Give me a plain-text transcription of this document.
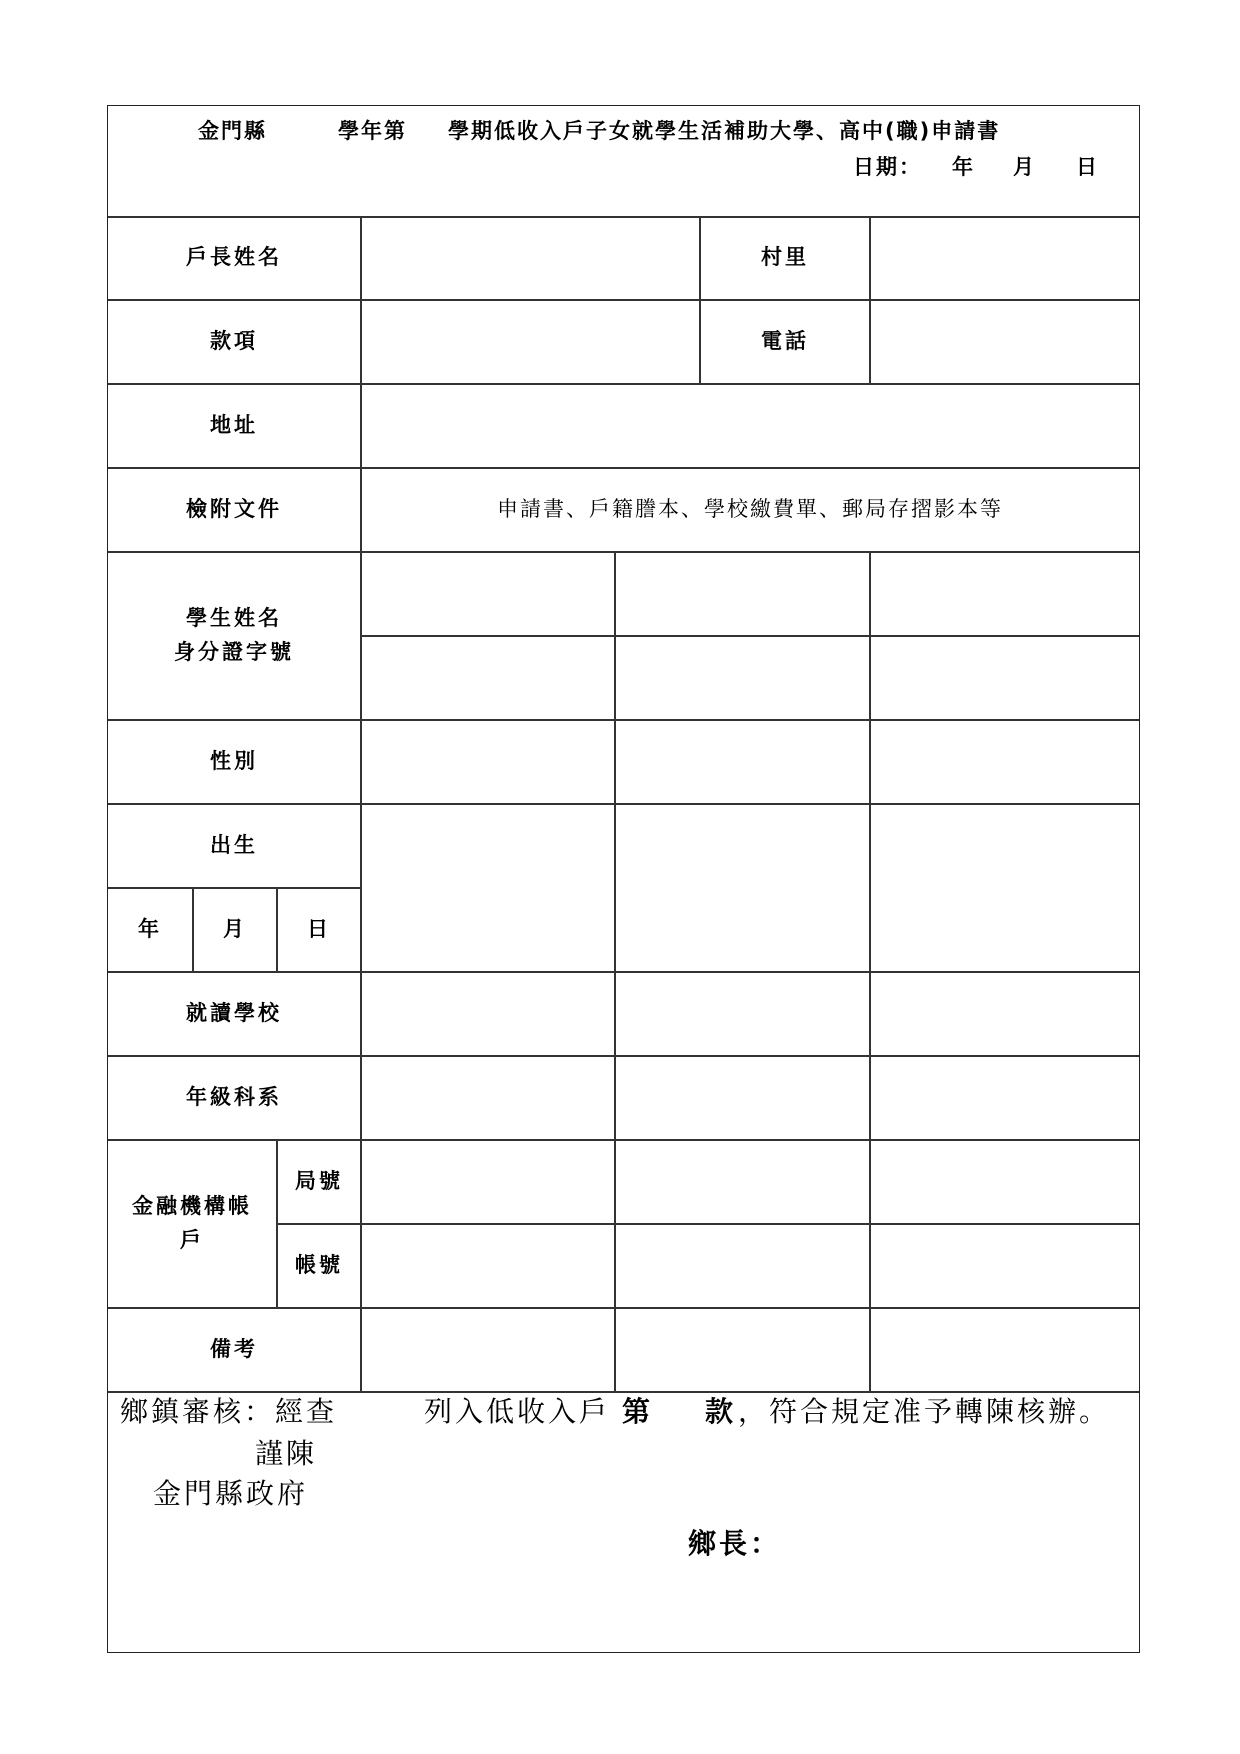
金門縣	學年第 學期低收入戶子女就學生活補助大學、高中(職)申請書
日期： 年 月 日
戶長姓名	村里
款項	電話
地址
檢附文件	申請書、戶籍謄本、學校繳費單、郵局存摺影本等
學生姓名
身分證字號
性別
出生
年	月	日
就讀學校
年級科系
金融機構帳
戶
局號
帳號
備考
鄉鎮審核：經查	列入低收入戶 第 款 ，符合規定准予轉陳核辦。
謹陳
金門縣政府
鄉長：
